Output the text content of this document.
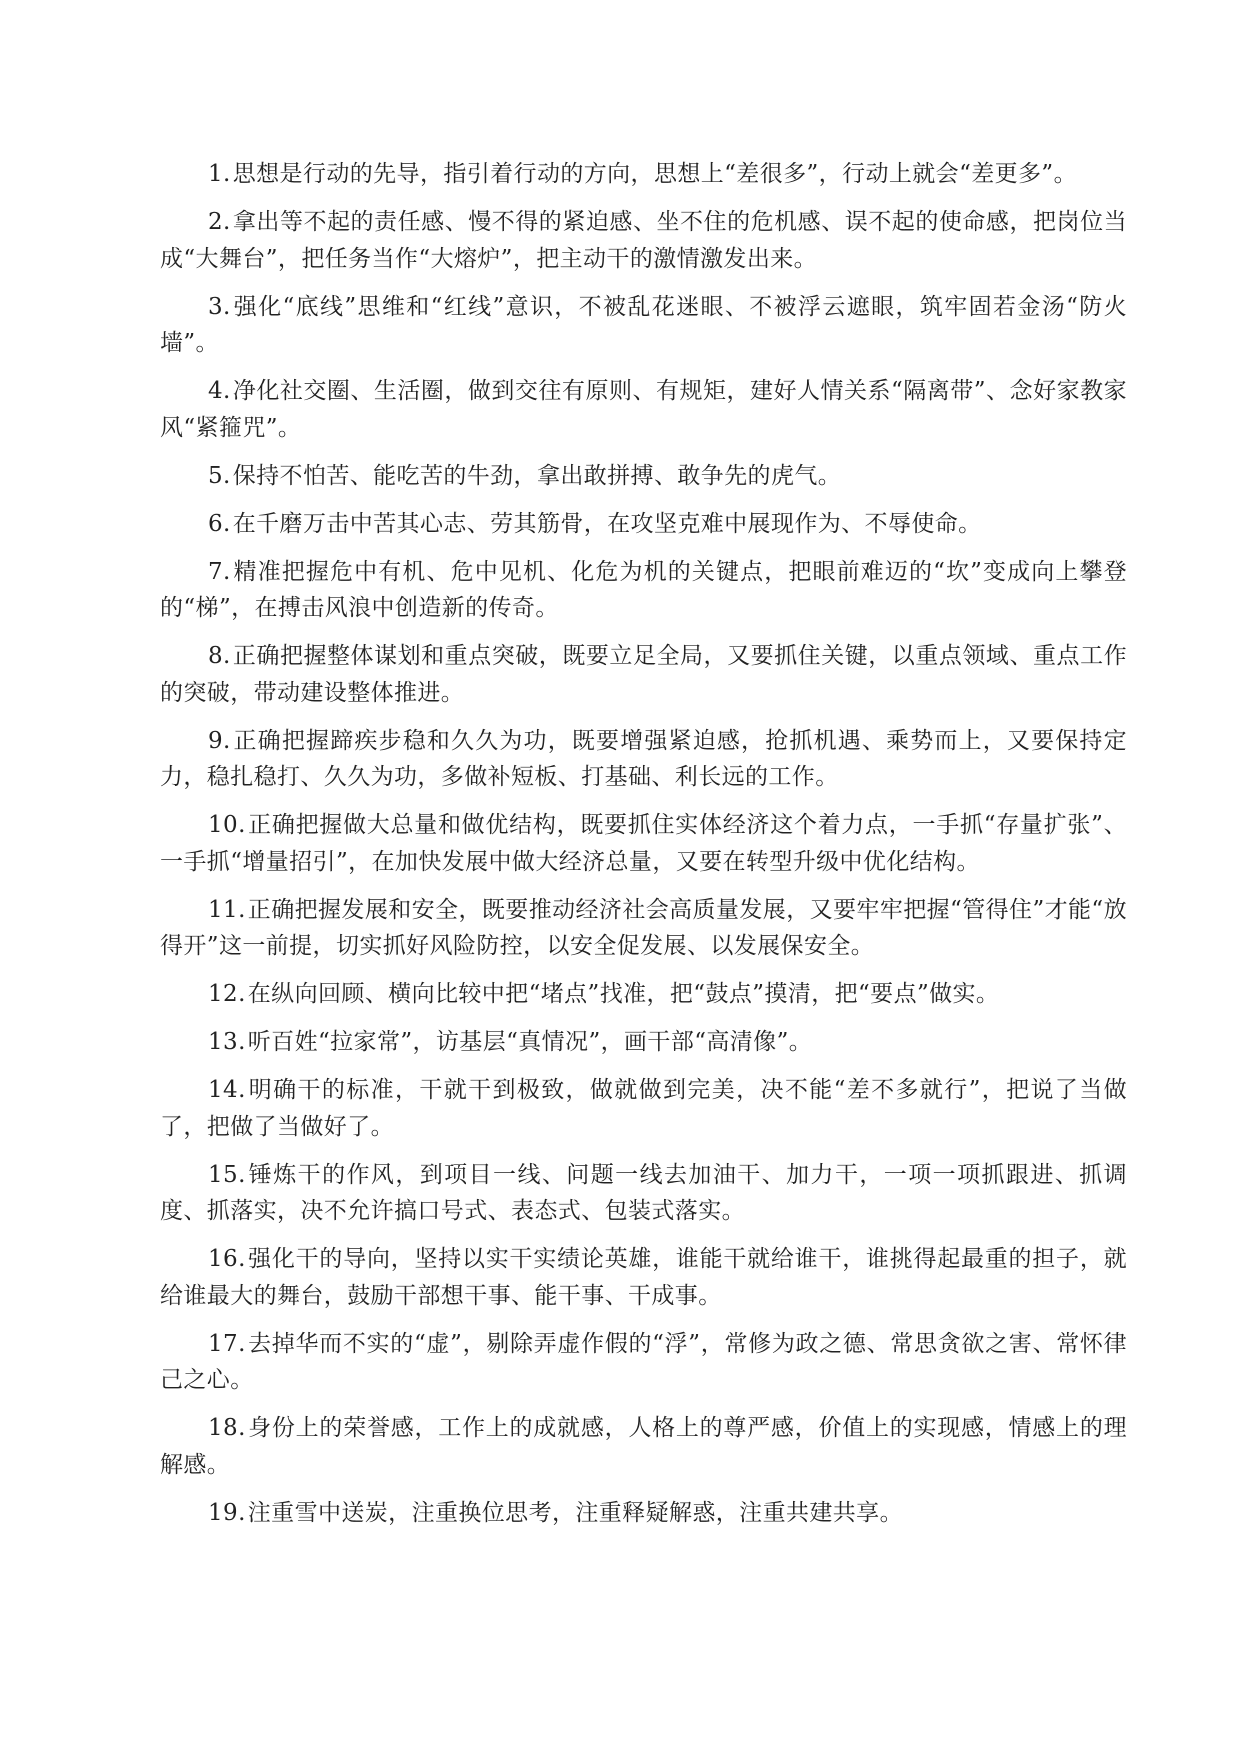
1.思想是行动的先导，指引着行动的方向，思想上“差很多”，行动上就会“差更多”。

2.拿出等不起的责任感、慢不得的紧迫感、坐不住的危机感、误不起的使命感，把岗位当成“大舞台”，把任务当作“大熔炉”，把主动干的激情激发出来。

3.强化“底线”思维和“红线”意识，不被乱花迷眼、不被浮云遮眼，筑牢固若金汤“防火墙”。

4.净化社交圈、生活圈，做到交往有原则、有规矩，建好人情关系“隔离带”、念好家教家风“紧箍咒”。

5.保持不怕苦、能吃苦的牛劲，拿出敢拼搏、敢争先的虎气。

6.在千磨万击中苦其心志、劳其筋骨，在攻坚克难中展现作为、不辱使命。

7.精准把握危中有机、危中见机、化危为机的关键点，把眼前难迈的“坎”变成向上攀登的“梯”，在搏击风浪中创造新的传奇。

8.正确把握整体谋划和重点突破，既要立足全局，又要抓住关键，以重点领域、重点工作的突破，带动建设整体推进。

9.正确把握蹄疾步稳和久久为功，既要增强紧迫感，抢抓机遇、乘势而上，又要保持定力，稳扎稳打、久久为功，多做补短板、打基础、利长远的工作。

10.正确把握做大总量和做优结构，既要抓住实体经济这个着力点，一手抓“存量扩张”、一手抓“增量招引”，在加快发展中做大经济总量，又要在转型升级中优化结构。

11.正确把握发展和安全，既要推动经济社会高质量发展，又要牢牢把握“管得住”才能“放得开”这一前提，切实抓好风险防控，以安全促发展、以发展保安全。

12.在纵向回顾、横向比较中把“堵点”找准，把“鼓点”摸清，把“要点”做实。

13.听百姓“拉家常”，访基层“真情况”，画干部“高清像”。

14.明确干的标准，干就干到极致，做就做到完美，决不能“差不多就行”，把说了当做了，把做了当做好了。

15.锤炼干的作风，到项目一线、问题一线去加油干、加力干，一项一项抓跟进、抓调度、抓落实，决不允许搞口号式、表态式、包装式落实。

16.强化干的导向，坚持以实干实绩论英雄，谁能干就给谁干，谁挑得起最重的担子，就给谁最大的舞台，鼓励干部想干事、能干事、干成事。

17.去掉华而不实的“虚”，剔除弄虚作假的“浮”，常修为政之德、常思贪欲之害、常怀律己之心。

18.身份上的荣誉感，工作上的成就感，人格上的尊严感，价值上的实现感，情感上的理解感。

19.注重雪中送炭，注重换位思考，注重释疑解惑，注重共建共享。
